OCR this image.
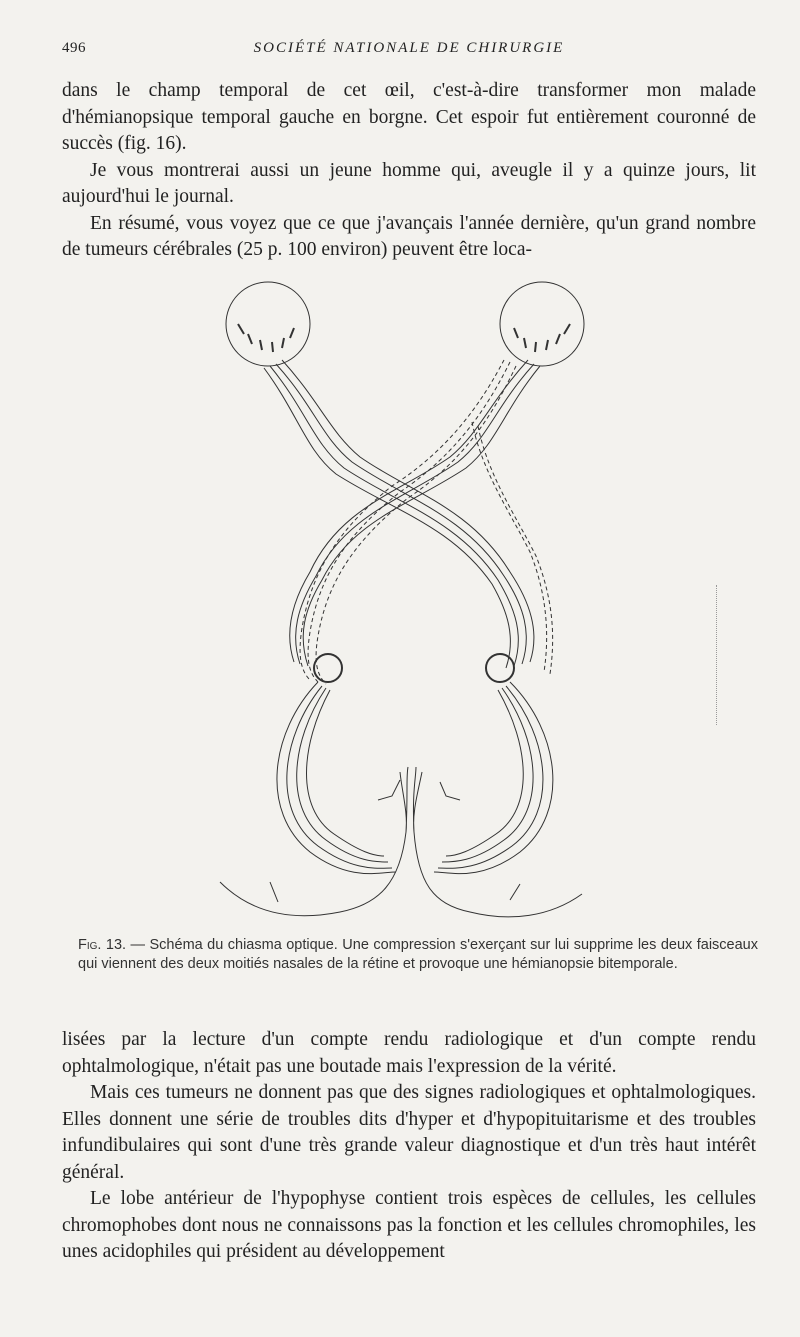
496	SOCIÉTÉ NATIONALE DE CHIRURGIE

dans le champ temporal de cet œil, c'est-à-dire transformer mon malade d'hémianopsique temporal gauche en borgne. Cet espoir fut entièrement couronné de succès (fig. 16).

Je vous montrerai aussi un jeune homme qui, aveugle il y a quinze jours, lit aujourd'hui le journal.

En résumé, vous voyez que ce que j'avançais l'année dernière, qu'un grand nombre de tumeurs cérébrales (25 p. 100 environ) peuvent être loca-

Fig. 13. — Schéma du chiasma optique. Une compression s'exerçant sur lui supprime les deux faisceaux qui viennent des deux moitiés nasales de la rétine et provoque une hémianopsie bitemporale.

lisées par la lecture d'un compte rendu radiologique et d'un compte rendu ophtalmologique, n'était pas une boutade mais l'expression de la vérité.

Mais ces tumeurs ne donnent pas que des signes radiologiques et ophtalmologiques. Elles donnent une série de troubles dits d'hyper et d'hypopituitarisme et des troubles infundibulaires qui sont d'une très grande valeur diagnostique et d'un très haut intérêt général.

Le lobe antérieur de l'hypophyse contient trois espèces de cellules, les cellules chromophobes dont nous ne connaissons pas la fonction et les cellules chromophiles, les unes acidophiles qui président au développement
